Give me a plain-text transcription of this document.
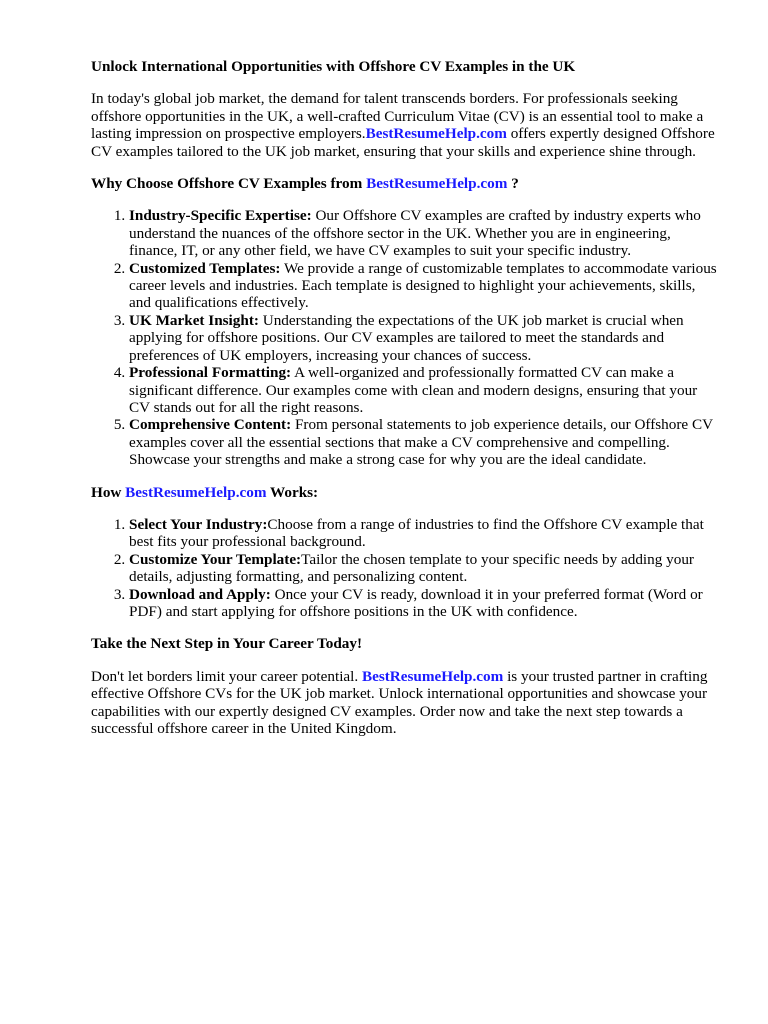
Unlock International Opportunities with Offshore CV Examples in the UK

In today's global job market, the demand for talent transcends borders. For professionals seeking offshore opportunities in the UK, a well-crafted Curriculum Vitae (CV) is an essential tool to make a lasting impression on prospective employers.BestResumeHelp.com offers expertly designed Offshore CV examples tailored to the UK job market, ensuring that your skills and experience shine through.

Why Choose Offshore CV Examples from BestResumeHelp.com ?
1. Industry-Specific Expertise: Our Offshore CV examples are crafted by industry experts who understand the nuances of the offshore sector in the UK. Whether you are in engineering, finance, IT, or any other field, we have CV examples to suit your specific industry.
2. Customized Templates: We provide a range of customizable templates to accommodate various career levels and industries. Each template is designed to highlight your achievements, skills, and qualifications effectively.
3. UK Market Insight: Understanding the expectations of the UK job market is crucial when applying for offshore positions. Our CV examples are tailored to meet the standards and preferences of UK employers, increasing your chances of success.
4. Professional Formatting: A well-organized and professionally formatted CV can make a significant difference. Our examples come with clean and modern designs, ensuring that your CV stands out for all the right reasons.
5. Comprehensive Content: From personal statements to job experience details, our Offshore CV examples cover all the essential sections that make a CV comprehensive and compelling. Showcase your strengths and make a strong case for why you are the ideal candidate.
How BestResumeHelp.com Works:
1. Select Your Industry:Choose from a range of industries to find the Offshore CV example that best fits your professional background.
2. Customize Your Template:Tailor the chosen template to your specific needs by adding your details, adjusting formatting, and personalizing content.
3. Download and Apply: Once your CV is ready, download it in your preferred format (Word or PDF) and start applying for offshore positions in the UK with confidence.
Take the Next Step in Your Career Today!

Don't let borders limit your career potential. BestResumeHelp.com is your trusted partner in crafting effective Offshore CVs for the UK job market. Unlock international opportunities and showcase your capabilities with our expertly designed CV examples. Order now and take the next step towards a successful offshore career in the United Kingdom.
